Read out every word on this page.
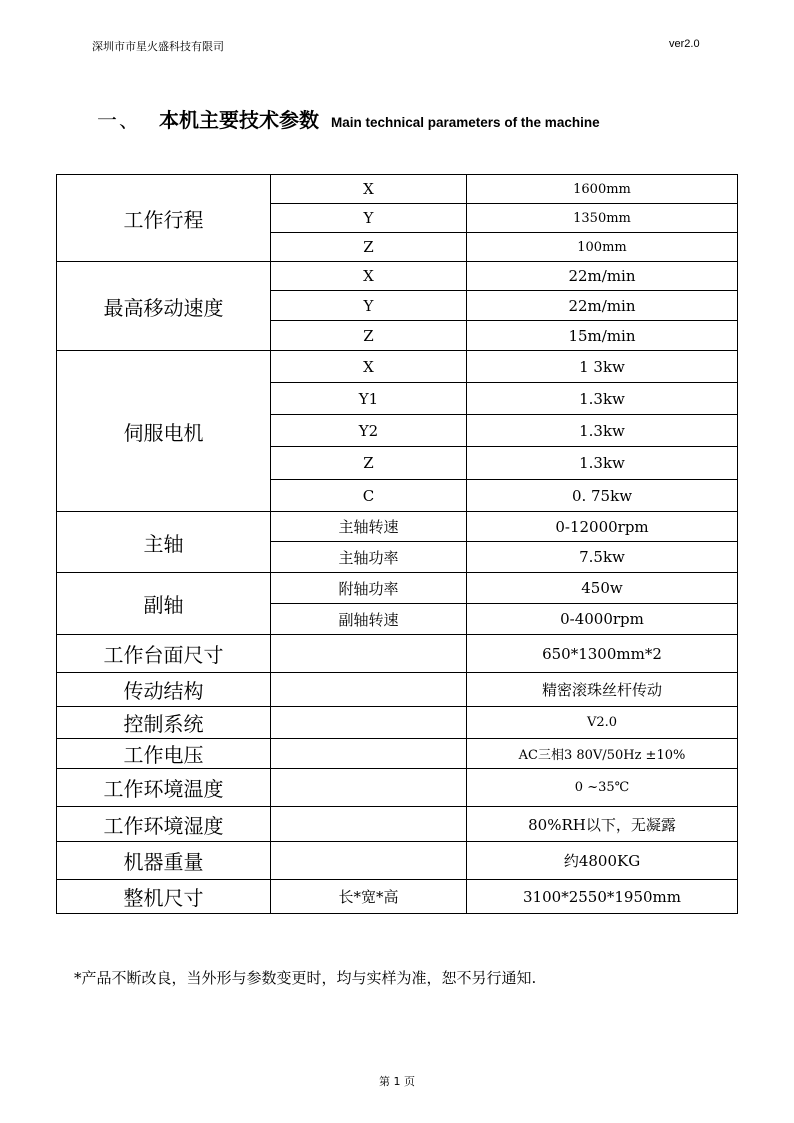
深圳市市星火盛科技有限司	ver2.0
一、 本机主要技术参数 Main technical parameters of the machine
工作行程	X	1600mm
	Y	1350mm
	Z	100mm
最高移动速度	X	22m/min
	Y	22m/min
	Z	15m/min
伺服电机	X	1 3kw
	Y1	1.3kw
	Y2	1.3kw
	Z	1.3kw
	C	0. 75kw
主轴	主轴转速	0-12000rpm
	主轴功率	7.5kw
副轴	附轴功率	450w
	副轴转速	0-4000rpm
工作台面尺寸		650*1300mm*2
传动结构		精密滚珠丝杆传动
控制系统		V2.0
工作电压		AC三相3 80V/50Hz ±10%
工作环境温度		0 ~35℃
工作环境湿度		80%RH以下，无凝露
机器重量		约4800KG
整机尺寸	长*宽*高	3100*2550*1950mm
*产品不断改良，当外形与参数变更时，均与实样为准，恕不另行通知.
第 1 页
